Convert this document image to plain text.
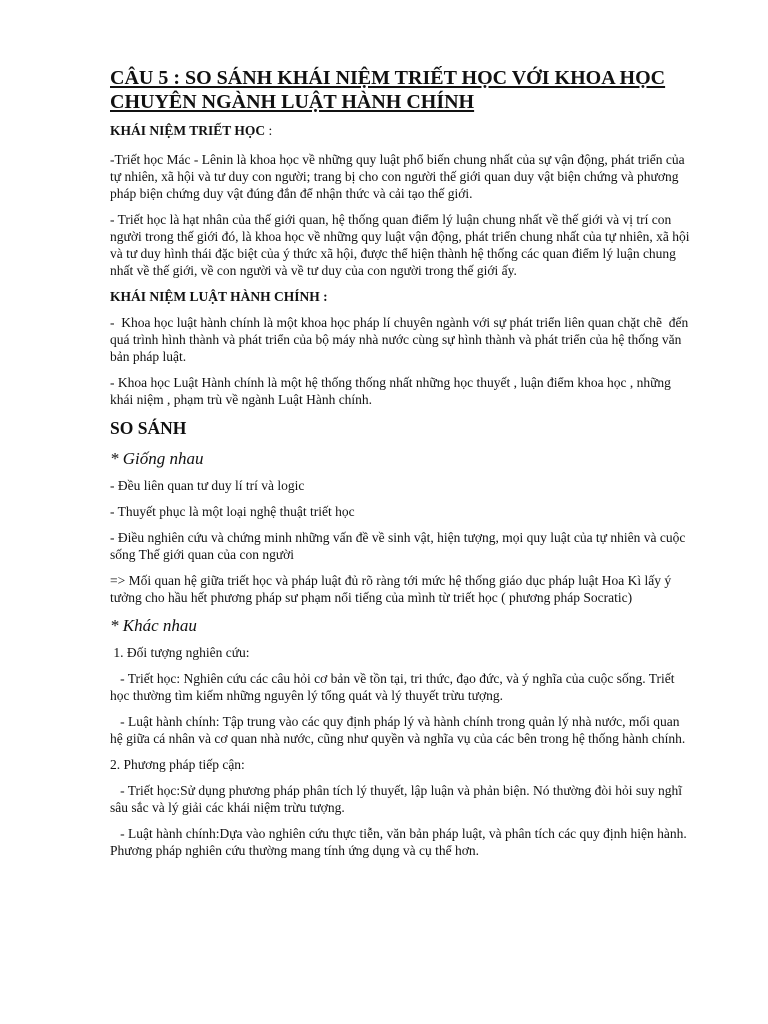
CÂU 5 : SO SÁNH KHÁI NIỆM TRIẾT HỌC VỚI KHOA HỌC CHUYÊN NGÀNH LUẬT HÀNH CHÍNH
KHÁI NIỆM TRIẾT HỌC :

-Triết học Mác - Lênin là khoa học về những quy luật phổ biến chung nhất của sự vận động, phát triển của tự nhiên, xã hội và tư duy con người; trang bị cho con người thế giới quan duy vật biện chứng và phương pháp biện chứng duy vật đúng đắn để nhận thức và cải tạo thế giới.

- Triết học là hạt nhân của thế giới quan, hệ thống quan điểm lý luận chung nhất về thế giới và vị trí con người trong thế giới đó, là khoa học về những quy luật vận động, phát triển chung nhất của tự nhiên, xã hội và tư duy hình thái đặc biệt của ý thức xã hội, được thể hiện thành hệ thống các quan điểm lý luận chung nhất về thế giới, về con người và về tư duy của con người trong thế giới ấy.

KHÁI NIỆM LUẬT HÀNH CHÍNH :

-  Khoa học luật hành chính là một khoa học pháp lí chuyên ngành với sự phát triển liên quan chặt chẽ  đến quá trình hình thành và phát triển của bộ máy nhà nước cùng sự hình thành và phát triển của hệ thống văn bản pháp luật.

- Khoa học Luật Hành chính là một hệ thống thống nhất những học thuyết , luận điểm khoa học , những khái niệm , phạm trù về ngành Luật Hành chính.

SO SÁNH
* Giống nhau

- Đều liên quan tư duy lí trí và logic

- Thuyết phục là một loại nghệ thuật triết học

- Điều nghiên cứu và chứng minh những vấn đề về sinh vật, hiện tượng, mọi quy luật của tự nhiên và cuộc sống Thế giới quan của con người

=> Mối quan hệ giữa triết học và pháp luật đủ rõ ràng tới mức hệ thống giáo dục pháp luật Hoa Kì lấy ý tưởng cho hầu hết phương pháp sư phạm nổi tiếng của mình từ triết học ( phương pháp Socratic)

* Khác nhau

1. Đối tượng nghiên cứu:

- Triết học: Nghiên cứu các câu hỏi cơ bản về tồn tại, tri thức, đạo đức, và ý nghĩa của cuộc sống. Triết học thường tìm kiếm những nguyên lý tổng quát và lý thuyết trừu tượng.

- Luật hành chính: Tập trung vào các quy định pháp lý và hành chính trong quản lý nhà nước, mối quan hệ giữa cá nhân và cơ quan nhà nước, cũng như quyền và nghĩa vụ của các bên trong hệ thống hành chính.

2. Phương pháp tiếp cận:

- Triết học:Sử dụng phương pháp phân tích lý thuyết, lập luận và phản biện. Nó thường đòi hỏi suy nghĩ sâu sắc và lý giải các khái niệm trừu tượng.

- Luật hành chính:Dựa vào nghiên cứu thực tiễn, văn bản pháp luật, và phân tích các quy định hiện hành. Phương pháp nghiên cứu thường mang tính ứng dụng và cụ thể hơn.
